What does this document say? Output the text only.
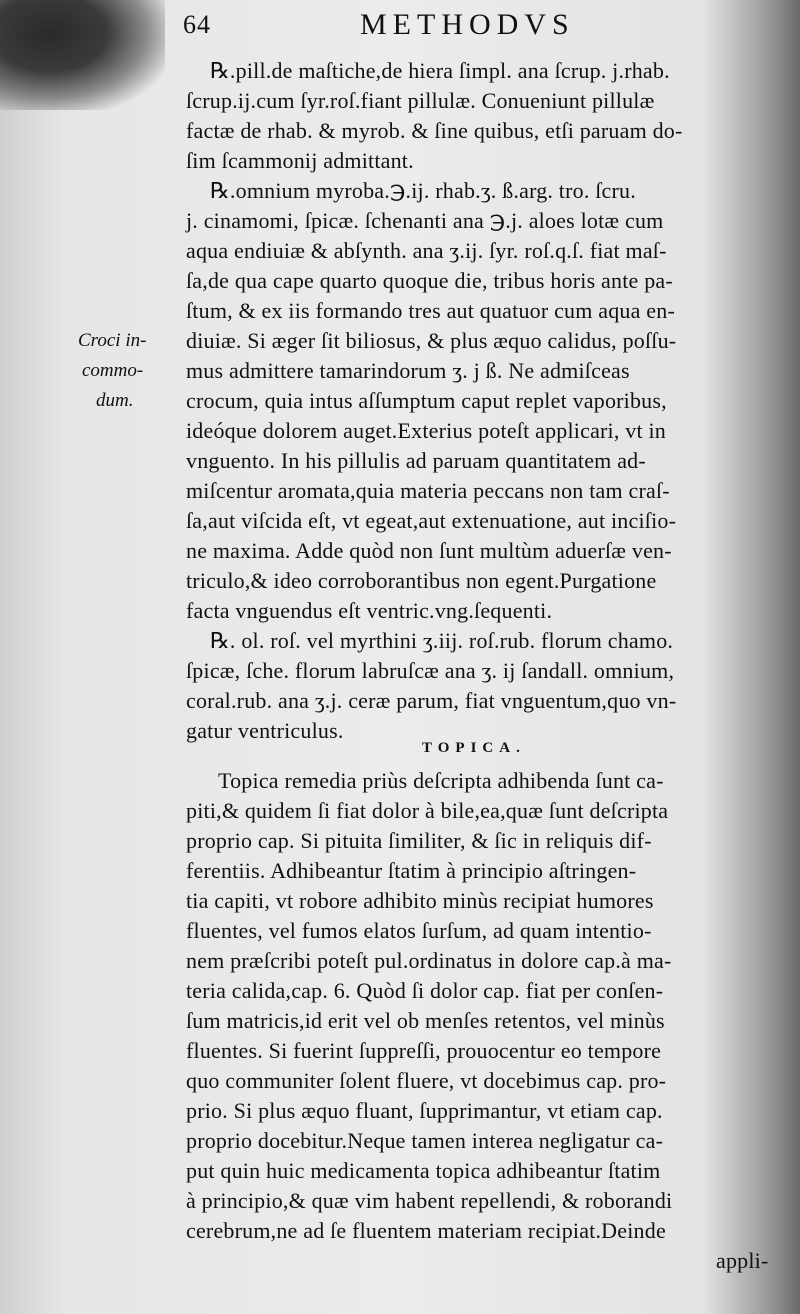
64	METHODVS
Croci in-
commo-
dum.
TOPICA.
℞.pill.de maſtiche,de hiera ſimpl. ana ſcrup. j.rhab.
ſcrup.ij.cum ſyr.roſ.fiant pillulæ. Conueniunt pillulæ
factæ de rhab. & myrob. & ſine quibus, etſi paruam do-
ſim ſcammonij admittant.
℞.omnium myroba.℈.ij. rhab.ʒ. ß.arg. tro. ſcru.
j. cinamomi, ſpicæ. ſchenanti ana ℈.j. aloes lotæ cum
aqua endiuiæ & abſynth. ana ʒ.ij. ſyr. roſ.q.ſ. fiat maſ-
ſa,de qua cape quarto quoque die, tribus horis ante pa-
ſtum, & ex iis formando tres aut quatuor cum aqua en-
diuiæ. Si æger ſit biliosus, & plus æquo calidus, poſſu-
mus admittere tamarindorum ʒ. j ß. Ne admiſceas
crocum, quia intus aſſumptum caput replet vaporibus,
ideóque dolorem auget.Exterius poteſt applicari, vt in
vnguento. In his pillulis ad paruam quantitatem ad-
miſcentur aromata,quia materia peccans non tam craſ-
ſa,aut viſcida eſt, vt egeat,aut extenuatione, aut inciſio-
ne maxima. Adde quòd non ſunt multùm aduerſæ ven-
triculo,& ideo corroborantibus non egent.Purgatione
facta vnguendus eſt ventric.vng.ſequenti.
℞. ol. roſ. vel myrthini ʒ.iij. roſ.rub. florum chamo.
ſpicæ, ſche. florum labruſcæ ana ʒ. ij ſandall. omnium,
coral.rub. ana ʒ.j. ceræ parum, fiat vnguentum,quo vn-
gatur ventriculus.
Topica remedia priùs deſcripta adhibenda ſunt ca-
piti,& quidem ſi fiat dolor à bile,ea,quæ ſunt deſcripta
proprio cap. Si pituita ſimiliter, & ſic in reliquis dif-
ferentiis. Adhibeantur ſtatim à principio aſtringen-
tia capiti, vt robore adhibito minùs recipiat humores
fluentes, vel fumos elatos ſurſum, ad quam intentio-
nem præſcribi poteſt pul.ordinatus in dolore cap.à ma-
teria calida,cap. 6. Quòd ſi dolor cap. fiat per conſen-
ſum matricis,id erit vel ob menſes retentos, vel minùs
fluentes. Si fuerint ſuppreſſi, prouocentur eo tempore
quo communiter ſolent fluere, vt docebimus cap. pro-
prio. Si plus æquo fluant, ſupprimantur, vt etiam cap.
proprio docebitur.Neque tamen interea negligatur ca-
put quin huic medicamenta topica adhibeantur ſtatim
à principio,& quæ vim habent repellendi, & roborandi
cerebrum,ne ad ſe fluentem materiam recipiat.Deinde
appli-
